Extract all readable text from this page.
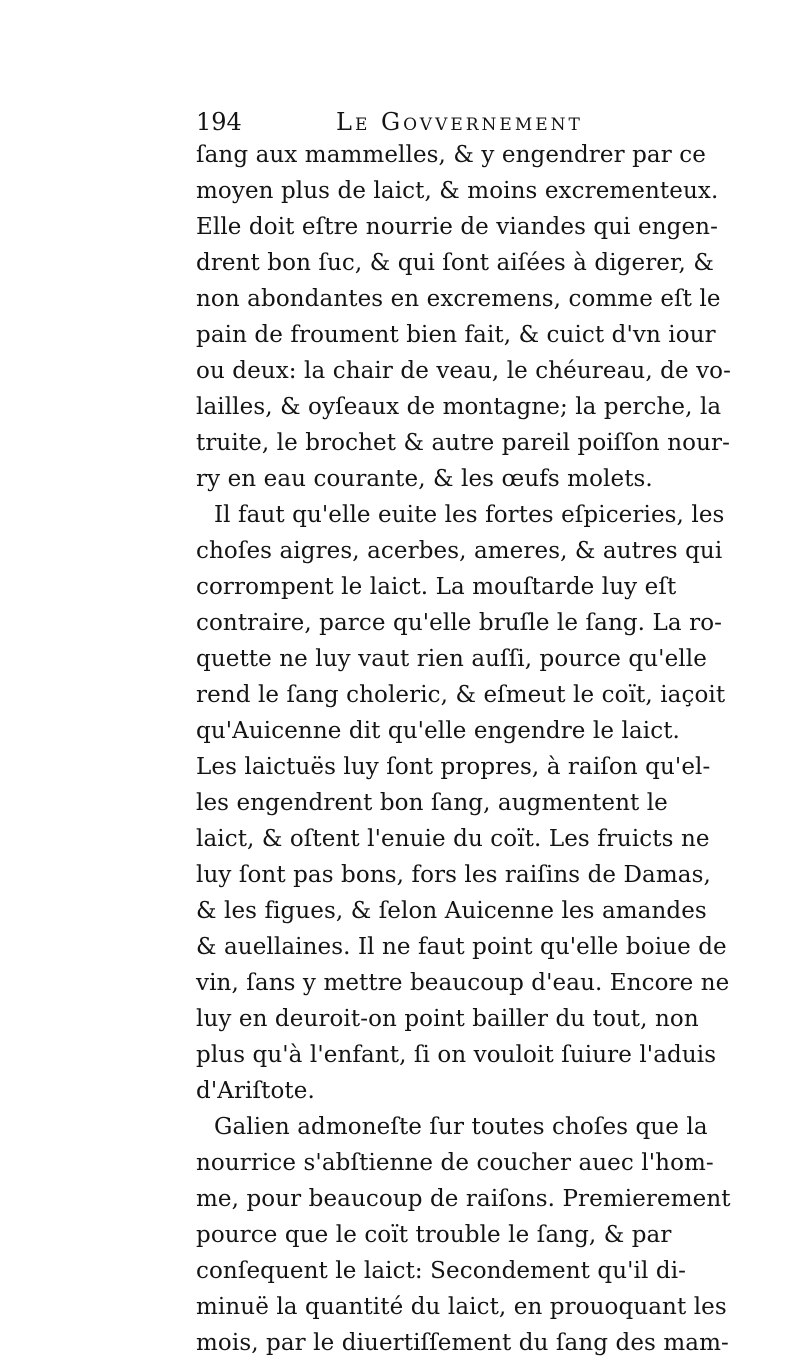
194	Le Govvernement
ſang aux mammelles, & y engendrer par ce
moyen plus de laict, & moins excrementeux.
Elle doit eſtre nourrie de viandes qui engen-
drent bon ſuc, & qui ſont aiſées à digerer, &
non abondantes en excremens, comme eſt le
pain de froument bien fait, & cuict d'vn iour
ou deux: la chair de veau, le chéureau, de vo-
lailles, & oyſeaux de montagne; la perche, la
truite, le brochet & autre pareil poiſſon nour-
ry en eau courante, & les œufs molets.
Il faut qu'elle euite les fortes eſpiceries, les
choſes aigres, acerbes, ameres, & autres qui
corrompent le laict. La mouſtarde luy eſt
contraire, parce qu'elle bruſle le ſang. La ro-
quette ne luy vaut rien auſſi, pource qu'elle
rend le ſang choleric, & eſmeut le coït, iaçoit
qu'Auicenne dit qu'elle engendre le laict.
Les laictuës luy ſont propres, à raiſon qu'el-
les engendrent bon ſang, augmentent le
laict, & oſtent l'enuie du coït. Les fruicts ne
luy ſont pas bons, fors les raiſins de Damas,
& les figues, & ſelon Auicenne les amandes
& auellaines. Il ne faut point qu'elle boiue de
vin, ſans y mettre beaucoup d'eau. Encore ne
luy en deuroit-on point bailler du tout, non
plus qu'à l'enfant, ſi on vouloit ſuiure l'aduis
d'Ariſtote.
Galien admoneſte ſur toutes choſes que la
nourrice s'abſtienne de coucher auec l'hom-
me, pour beaucoup de raiſons. Premierement
pource que le coït trouble le ſang, & par
conſequent le laict: Secondement qu'il di-
minuë la quantité du laict, en prouoquant les
mois, par le diuertiſſement du ſang des mam-
